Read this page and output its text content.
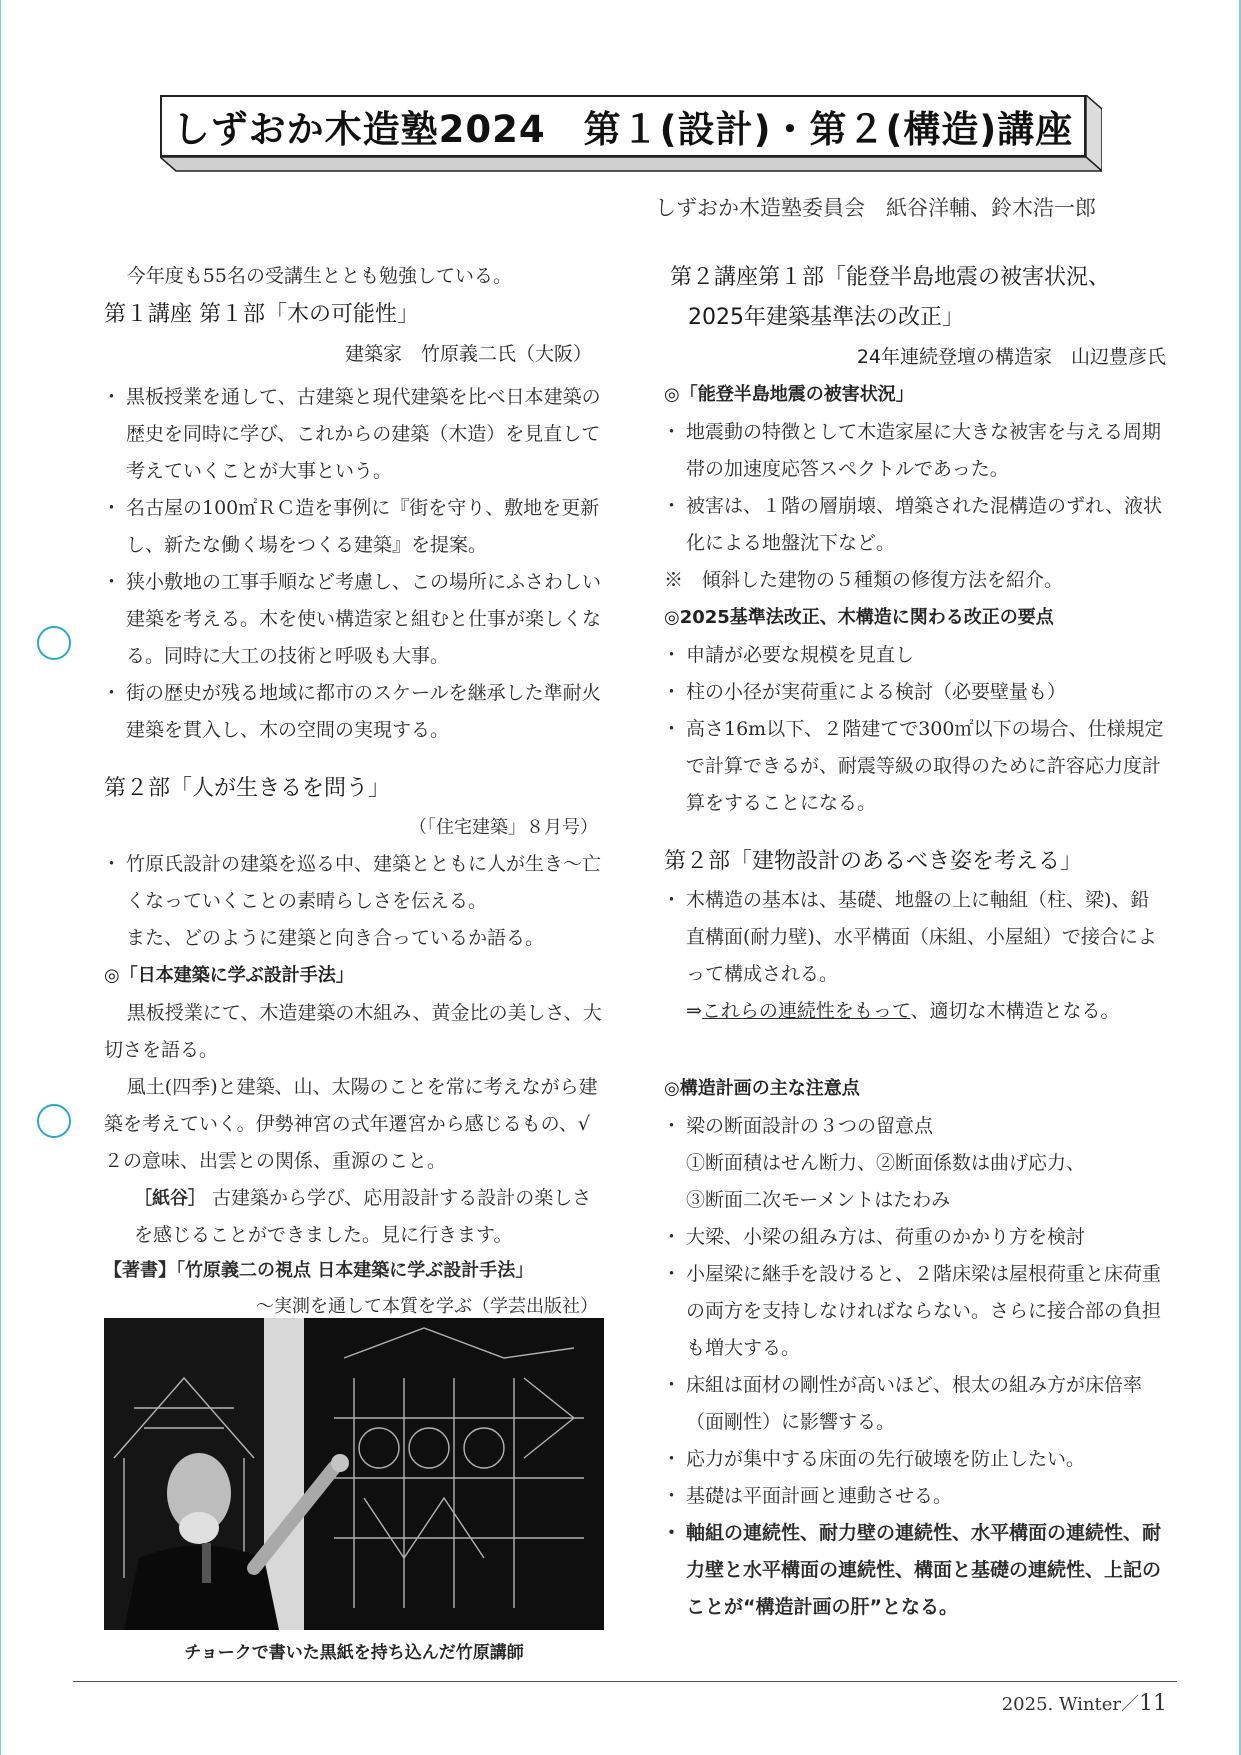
しずおか木造塾2024　第１(設計)・第２(構造)講座
しずおか木造塾委員会　紙谷洋輔、鈴木浩一郎

今年度も55名の受講生ととも勉強している。

第１講座 第１部「木の可能性」

建築家　竹原義二氏（大阪）

・ 黒板授業を通して、古建築と現代建築を比べ日本建築の歴史を同時に学び、これからの建築（木造）を見直して考えていくことが大事という。

・ 名古屋の100㎡ＲＣ造を事例に『街を守り、敷地を更新し、新たな働く場をつくる建築』を提案。

・ 狭小敷地の工事手順など考慮し、この場所にふさわしい建築を考える。木を使い構造家と組むと仕事が楽しくなる。同時に大工の技術と呼吸も大事。

・ 街の歴史が残る地域に都市のスケールを継承した準耐火建築を貫入し、木の空間の実現する。

第２部「人が生きるを問う」

（「住宅建築」８月号）

・ 竹原氏設計の建築を巡る中、建築とともに人が生き〜亡くなっていくことの素晴らしさを伝える。

また、どのように建築と向き合っているか語る。

◎「日本建築に学ぶ設計手法」

黒板授業にて、木造建築の木組み、黄金比の美しさ、大切さを語る。

風土(四季)と建築、山、太陽のことを常に考えながら建築を考えていく。伊勢神宮の式年遷宮から感じるもの、√２の意味、出雲との関係、重源のこと。

［紙谷］ 古建築から学び、応用設計する設計の楽しさを感じることができました。見に行きます。

【著書】「竹原義二の視点 日本建築に学ぶ設計手法」

〜実測を通して本質を学ぶ（学芸出版社）

チョークで書いた黒紙を持ち込んだ竹原講師

第２講座第１部「能登半島地震の被害状況、

2025年建築基準法の改正」

24年連続登壇の構造家　山辺豊彦氏

◎「能登半島地震の被害状況」

・ 地震動の特徴として木造家屋に大きな被害を与える周期帯の加速度応答スペクトルであった。

・ 被害は、１階の層崩壊、増築された混構造のずれ、液状化による地盤沈下など。

※　傾斜した建物の５種類の修復方法を紹介。

◎2025基準法改正、木構造に関わる改正の要点

・ 申請が必要な規模を見直し

・ 柱の小径が実荷重による検討（必要壁量も）

・ 高さ16m以下、２階建てで300㎡以下の場合、仕様規定で計算できるが、耐震等級の取得のために許容応力度計算をすることになる。

第２部「建物設計のあるべき姿を考える」

・ 木構造の基本は、基礎、地盤の上に軸組（柱、梁)、鉛直構面(耐力壁)、水平構面（床組、小屋組）で接合によって構成される。

⇒これらの連続性をもって、適切な木構造となる。

◎構造計画の主な注意点

・ 梁の断面設計の３つの留意点

①断面積はせん断力、②断面係数は曲げ応力、

③断面二次モーメントはたわみ

・ 大梁、小梁の組み方は、荷重のかかり方を検討

・ 小屋梁に継手を設けると、２階床梁は屋根荷重と床荷重の両方を支持しなければならない。さらに接合部の負担も増大する。

・ 床組は面材の剛性が高いほど、根太の組み方が床倍率（面剛性）に影響する。

・ 応力が集中する床面の先行破壊を防止したい。

・ 基礎は平面計画と連動させる。

・ 軸組の連続性、耐力壁の連続性、水平構面の連続性、耐力壁と水平構面の連続性、構面と基礎の連続性、上記のことが“構造計画の肝”となる。

2025. Winter／11
